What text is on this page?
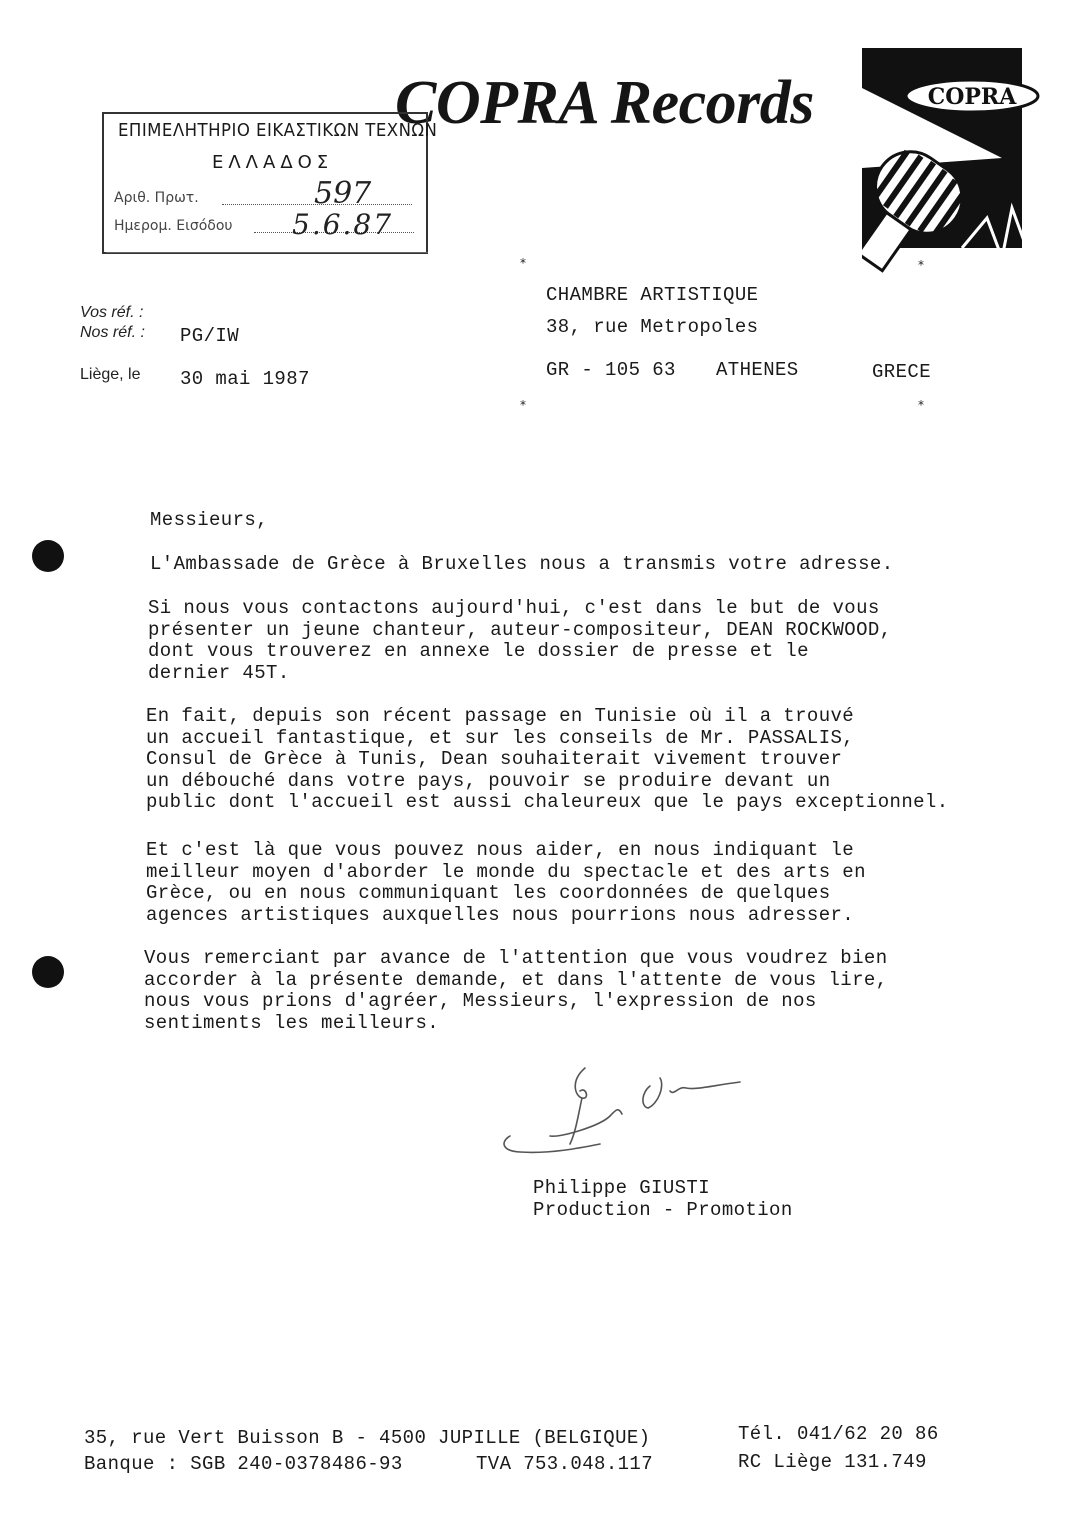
COPRA Records	COPRA
ΕΠΙΜΕΛΗΤΗΡΙΟ ΕΙΚΑΣΤΙΚΩΝ ΤΕΧΝΩΝ
ΕΛΛΑΔΟΣ
Αριθ. Πρωτ.	597
Ημερομ. Εισόδου 5.6.87
Vos réf. :
Nos réf. : PG/IW
Liège, le 30 mai 1987
*	*
CHAMBRE ARTISTIQUE
38, rue Metropoles
GR - 105 63 ATHENES	GRECE
*	*

Messieurs,

L'Ambassade de Grèce à Bruxelles nous a transmis votre adresse.

Si nous vous contactons aujourd'hui, c'est dans le but de vous
présenter un jeune chanteur, auteur-compositeur, DEAN ROCKWOOD,
dont vous trouverez en annexe le dossier de presse et le
dernier 45T.

En fait, depuis son récent passage en Tunisie où il a trouvé
un accueil fantastique, et sur les conseils de Mr. PASSALIS,
Consul de Grèce à Tunis, Dean souhaiterait vivement trouver
un débouché dans votre pays, pouvoir se produire devant un
public dont l'accueil est aussi chaleureux que le pays exceptionnel.

Et c'est là que vous pouvez nous aider, en nous indiquant le
meilleur moyen d'aborder le monde du spectacle et des arts en
Grèce, ou en nous communiquant les coordonnées de quelques
agences artistiques auxquelles nous pourrions nous adresser.

Vous remerciant par avance de l'attention que vous voudrez bien
accorder à la présente demande, et dans l'attente de vous lire,
nous vous prions d'agréer, Messieurs, l'expression de nos
sentiments les meilleurs.

Philippe GIUSTI
Production - Promotion
35, rue Vert Buisson B - 4500 JUPILLE (BELGIQUE)	Tél. 041/62 20 86
Banque : SGB 240-0378486-93	TVA 753.048.117	RC Liège 131.749
